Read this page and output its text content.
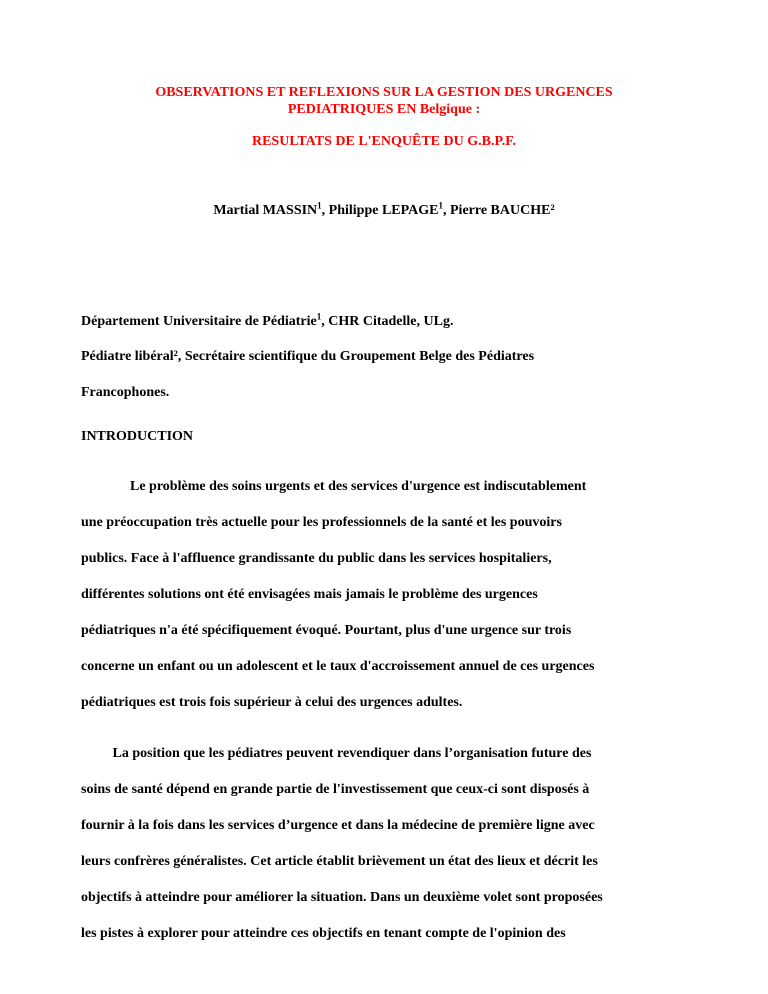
OBSERVATIONS ET REFLEXIONS SUR LA GESTION DES URGENCES
PEDIATRIQUES EN Belgique :
RESULTATS DE L'ENQUÊTE DU G.B.P.F.
Martial MASSIN$^1$, Philippe LEPAGE$^1$, Pierre BAUCHE²
Département Universitaire de Pédiatrie$^1$, CHR Citadelle, ULg.
Pédiatre libéral², Secrétaire scientifique du Groupement Belge des Pédiatres
Francophones.
INTRODUCTION
Le problème des soins urgents et des services d'urgence est indiscutablement
une préoccupation très actuelle pour les professionnels de la santé et les pouvoirs
publics. Face à l'affluence grandissante du public dans les services hospitaliers,
différentes solutions ont été envisagées mais jamais le problème des urgences
pédiatriques n'a été spécifiquement évoqué. Pourtant, plus d'une urgence sur trois
concerne un enfant ou un adolescent et le taux d'accroissement annuel de ces urgences
pédiatriques est trois fois supérieur à celui des urgences adultes.
La position que les pédiatres peuvent revendiquer dans l’organisation future des
soins de santé dépend en grande partie de l'investissement que ceux-ci sont disposés à
fournir à la fois dans les services d’urgence et dans la médecine de première ligne avec
leurs confrères généralistes. Cet article établit brièvement un état des lieux et décrit les
objectifs à atteindre pour améliorer la situation. Dans un deuxième volet sont proposées
les pistes à explorer pour atteindre ces objectifs en tenant compte de l'opinion des
